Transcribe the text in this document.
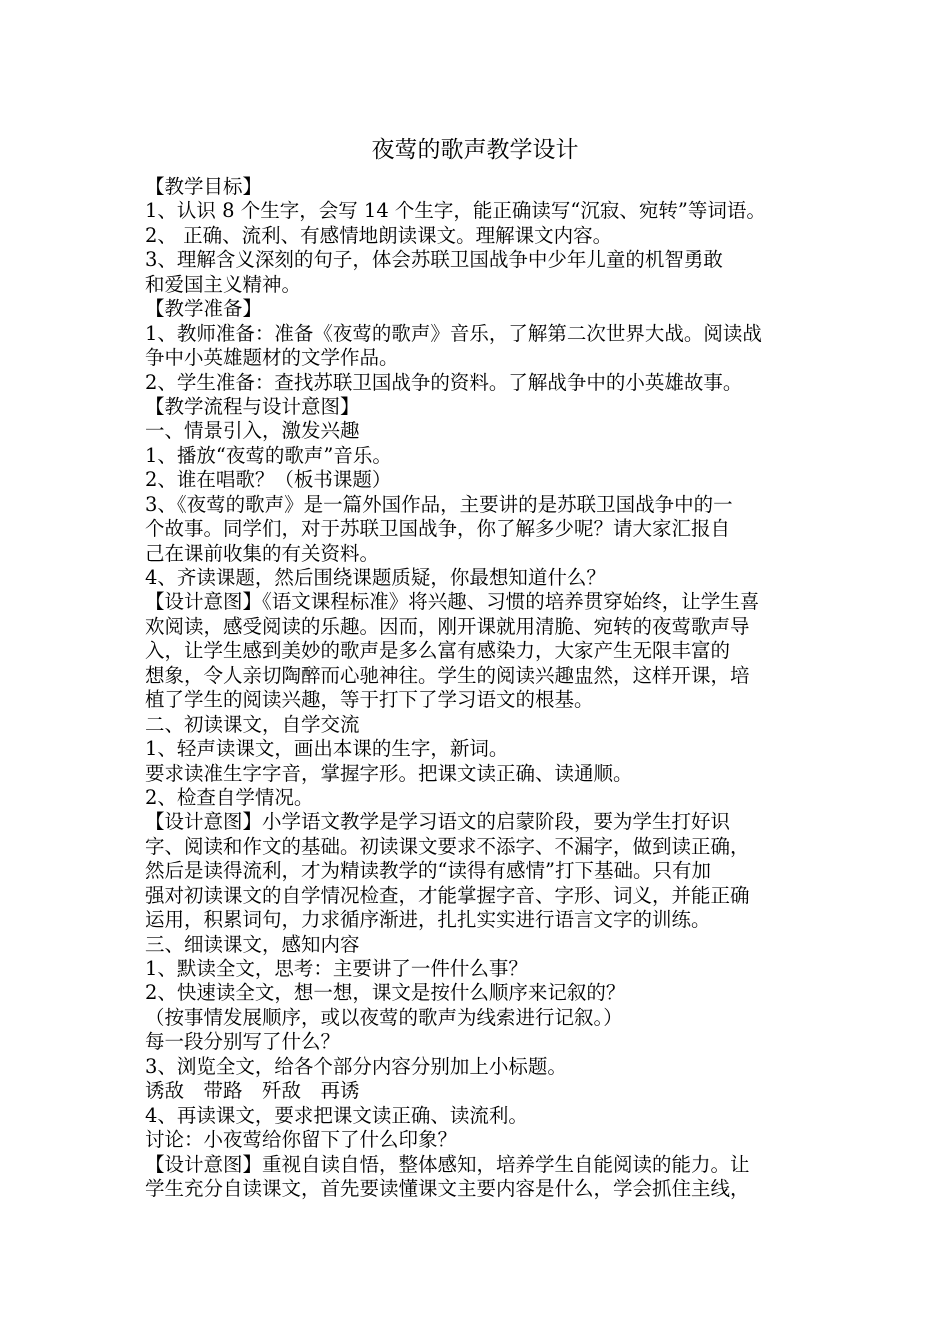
夜莺的歌声教学设计
【教学目标】
1、认识 8 个生字，会写 14 个生字，能正确读写“沉寂、宛转”等词语。
2、 正确、流利、有感情地朗读课文。理解课文内容。
3、理解含义深刻的句子，体会苏联卫国战争中少年儿童的机智勇敢
和爱国主义精神。
【教学准备】
1、教师准备：准备《夜莺的歌声》音乐，了解第二次世界大战。阅读战
争中小英雄题材的文学作品。
2、学生准备：查找苏联卫国战争的资料。了解战争中的小英雄故事。
【教学流程与设计意图】
一、情景引入，激发兴趣
1、播放“夜莺的歌声”音乐。
2、谁在唱歌？（板书课题）
3、《夜莺的歌声》是一篇外国作品，主要讲的是苏联卫国战争中的一
个故事。同学们，对于苏联卫国战争，你了解多少呢？请大家汇报自
己在课前收集的有关资料。
4、齐读课题，然后围绕课题质疑，你最想知道什么？
【设计意图】《语文课程标准》将兴趣、习惯的培养贯穿始终，让学生喜
欢阅读，感受阅读的乐趣。因而，刚开课就用清脆、宛转的夜莺歌声导
入，让学生感到美妙的歌声是多么富有感染力，大家产生无限丰富的
想象，令人亲切陶醉而心驰神往。学生的阅读兴趣盅然，这样开课，培
植了学生的阅读兴趣，等于打下了学习语文的根基。
二、初读课文，自学交流
1、轻声读课文，画出本课的生字，新词。
要求读准生字字音，掌握字形。把课文读正确、读通顺。
2、检查自学情况。
【设计意图】小学语文教学是学习语文的启蒙阶段，要为学生打好识
字、阅读和作文的基础。初读课文要求不添字、不漏字，做到读正确，
然后是读得流利，才为精读教学的“读得有感情”打下基础。只有加
强对初读课文的自学情况检查，才能掌握字音、字形、词义，并能正确
运用，积累词句，力求循序渐进，扎扎实实进行语言文字的训练。
三、细读课文，感知内容
1、默读全文，思考：主要讲了一件什么事？
2、快速读全文，想一想，课文是按什么顺序来记叙的？
（按事情发展顺序，或以夜莺的歌声为线索进行记叙。）
每一段分别写了什么？
3、浏览全文，给各个部分内容分别加上小标题。
诱敌　带路　歼敌　再诱
4、再读课文，要求把课文读正确、读流利。
讨论：小夜莺给你留下了什么印象？
【设计意图】重视自读自悟，整体感知，培养学生自能阅读的能力。让
学生充分自读课文，首先要读懂课文主要内容是什么，学会抓住主线，
